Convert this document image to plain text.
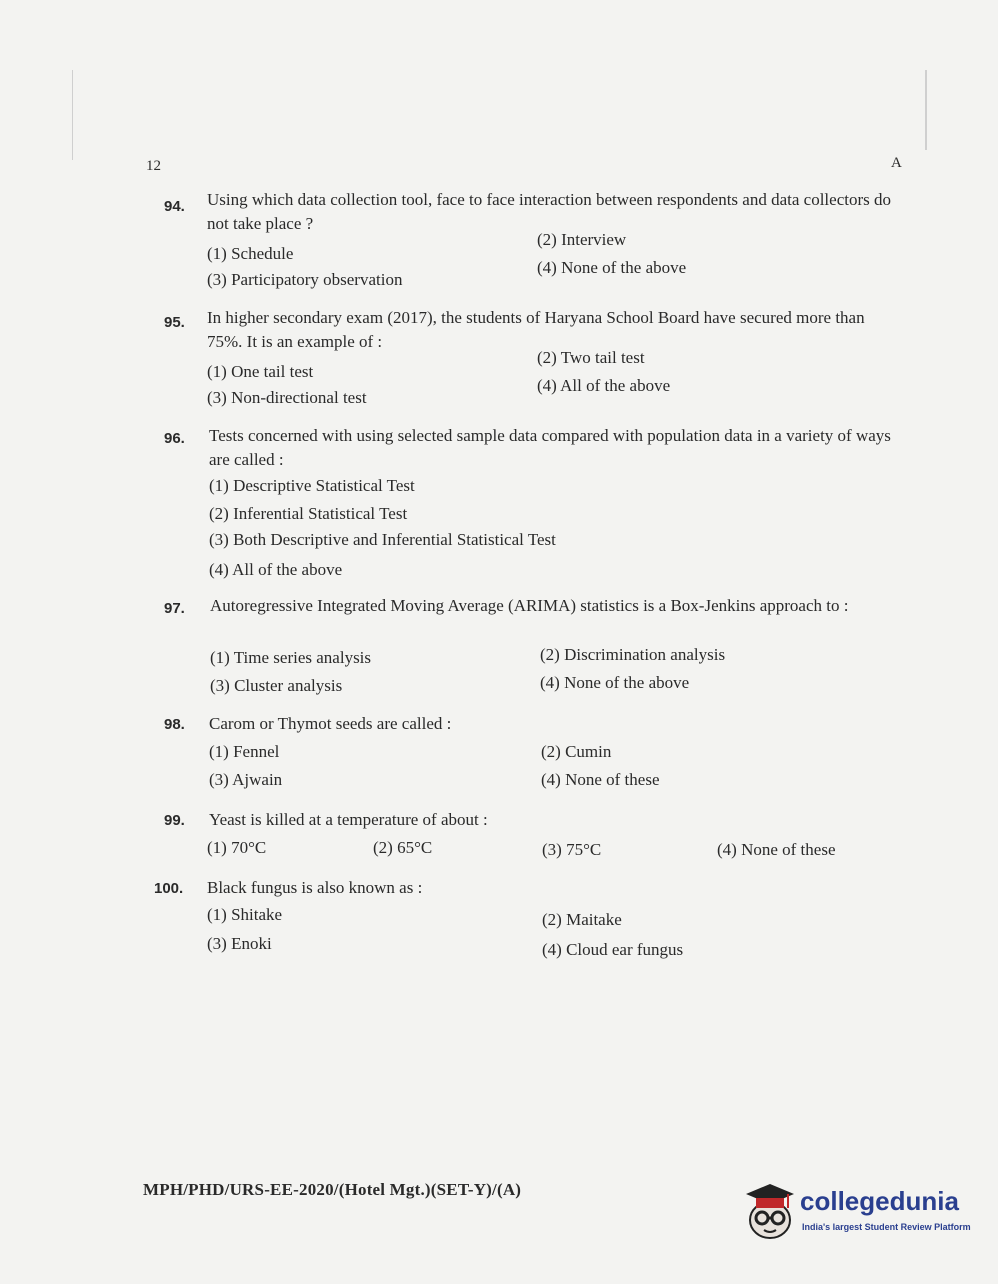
12	A
94. Using which data collection tool, face to face interaction between respondents and data collectors do not take place ?
(1) Schedule
(2) Interview
(3) Participatory observation
(4) None of the above
95. In higher secondary exam (2017), the students of Haryana School Board have secured more than 75%. It is an example of :
(1) One tail test
(2) Two tail test
(3) Non-directional test
(4) All of the above
96. Tests concerned with using selected sample data compared with population data in a variety of ways are called :
(1) Descriptive Statistical Test
(2) Inferential Statistical Test
(3) Both Descriptive and Inferential Statistical Test
(4) All of the above
97. Autoregressive Integrated Moving Average (ARIMA) statistics is a Box-Jenkins approach to :
(1) Time series analysis	(2) Discrimination analysis
(3) Cluster analysis	(4) None of the above
98. Carom or Thymot seeds are called :
(1) Fennel	(2) Cumin
(3) Ajwain	(4) None of these
99. Yeast is killed at a temperature of about :
(1) 70°C	(2) 65°C	(3) 75°C	(4) None of these
100. Black fungus is also known as :
(1) Shitake	(2) Maitake
(3) Enoki	(4) Cloud ear fungus
MPH/PHD/URS-EE-2020/(Hotel Mgt.)(SET-Y)/(A)	collegedunia
India's largest Student Review Platform
